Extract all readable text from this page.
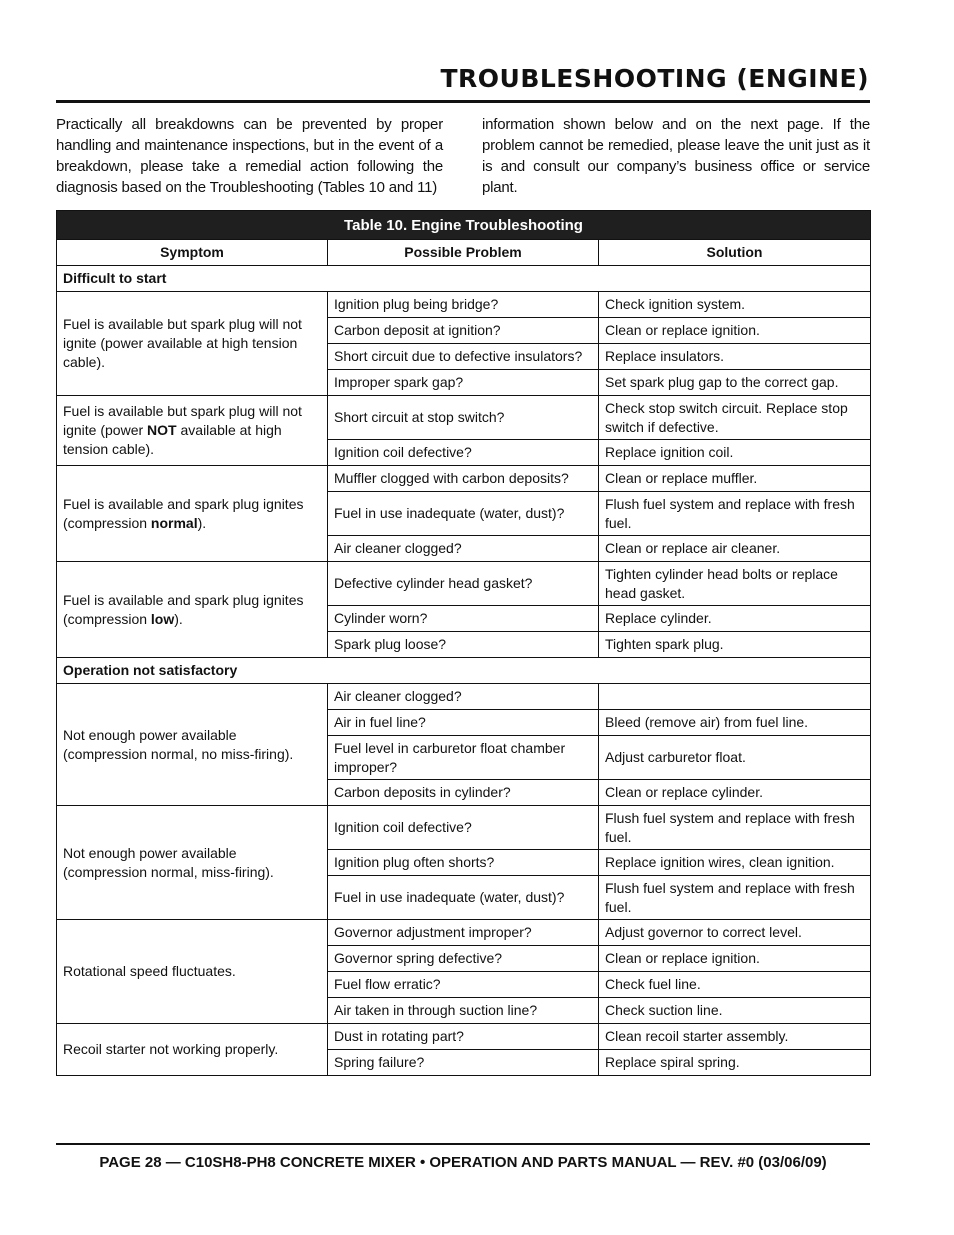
TROUBLESHOOTING (ENGINE)
Practically all breakdowns can be prevented by proper handling and maintenance inspections, but in the event of a breakdown, please take a remedial action following the diagnosis based on the Troubleshooting (Tables 10 and 11)
information shown below and on the next page. If the problem cannot be remedied, please leave the unit just as it is and consult our company’s business office or service plant.
Table 10. Engine Troubleshooting		
Symptom	Possible Problem	Solution
Difficult to start		
Fuel is available but spark plug will not ignite (power available at high tension cable).	Ignition plug being bridge?	Check ignition system.
	Carbon deposit at ignition?	Clean or replace ignition.
	Short circuit due to defective insulators?	Replace insulators.
	Improper spark gap?	Set spark plug gap to the correct gap.
Fuel is available but spark plug will not ignite (power NOT available at high tension cable).	Short circuit at stop switch?	Check stop switch circuit. Replace stop switch if defective.
	Ignition coil defective?	Replace ignition coil.
Fuel is available and spark plug ignites (compression normal).	Muffler clogged with carbon deposits?	Clean or replace muffler.
	Fuel in use inadequate (water, dust)?	Flush fuel system and replace with fresh fuel.
	Air cleaner clogged?	Clean or replace air cleaner.
Fuel is available and spark plug ignites (compression low).	Defective cylinder head gasket?	Tighten cylinder head bolts or replace head gasket.
	Cylinder worn?	Replace cylinder.
	Spark plug loose?	Tighten spark plug.
Operation not satisfactory		
Not enough power available (compression normal, no miss-firing).	Air cleaner clogged?	
	Air in fuel line?	Bleed (remove air) from fuel line.
	Fuel level in carburetor float chamber improper?	Adjust carburetor float.
	Carbon deposits in cylinder?	Clean or replace cylinder.
Not enough power available (compression normal, miss-firing).	Ignition coil defective?	Flush fuel system and replace with fresh fuel.
	Ignition plug often shorts?	Replace ignition wires, clean ignition.
	Fuel in use inadequate (water, dust)?	Flush fuel system and replace with fresh fuel.
Rotational speed fluctuates.	Governor adjustment improper?	Adjust governor to correct level.
	Governor spring defective?	Clean or replace ignition.
	Fuel flow erratic?	Check fuel line.
	Air taken in through suction line?	Check suction line.
Recoil starter not working properly.	Dust in rotating part?	Clean recoil starter assembly.
	Spring failure?	Replace spiral spring.
PAGE 28 — C10SH8-PH8 CONCRETE MIXER • OPERATION AND PARTS MANUAL — REV. #0 (03/06/09)
